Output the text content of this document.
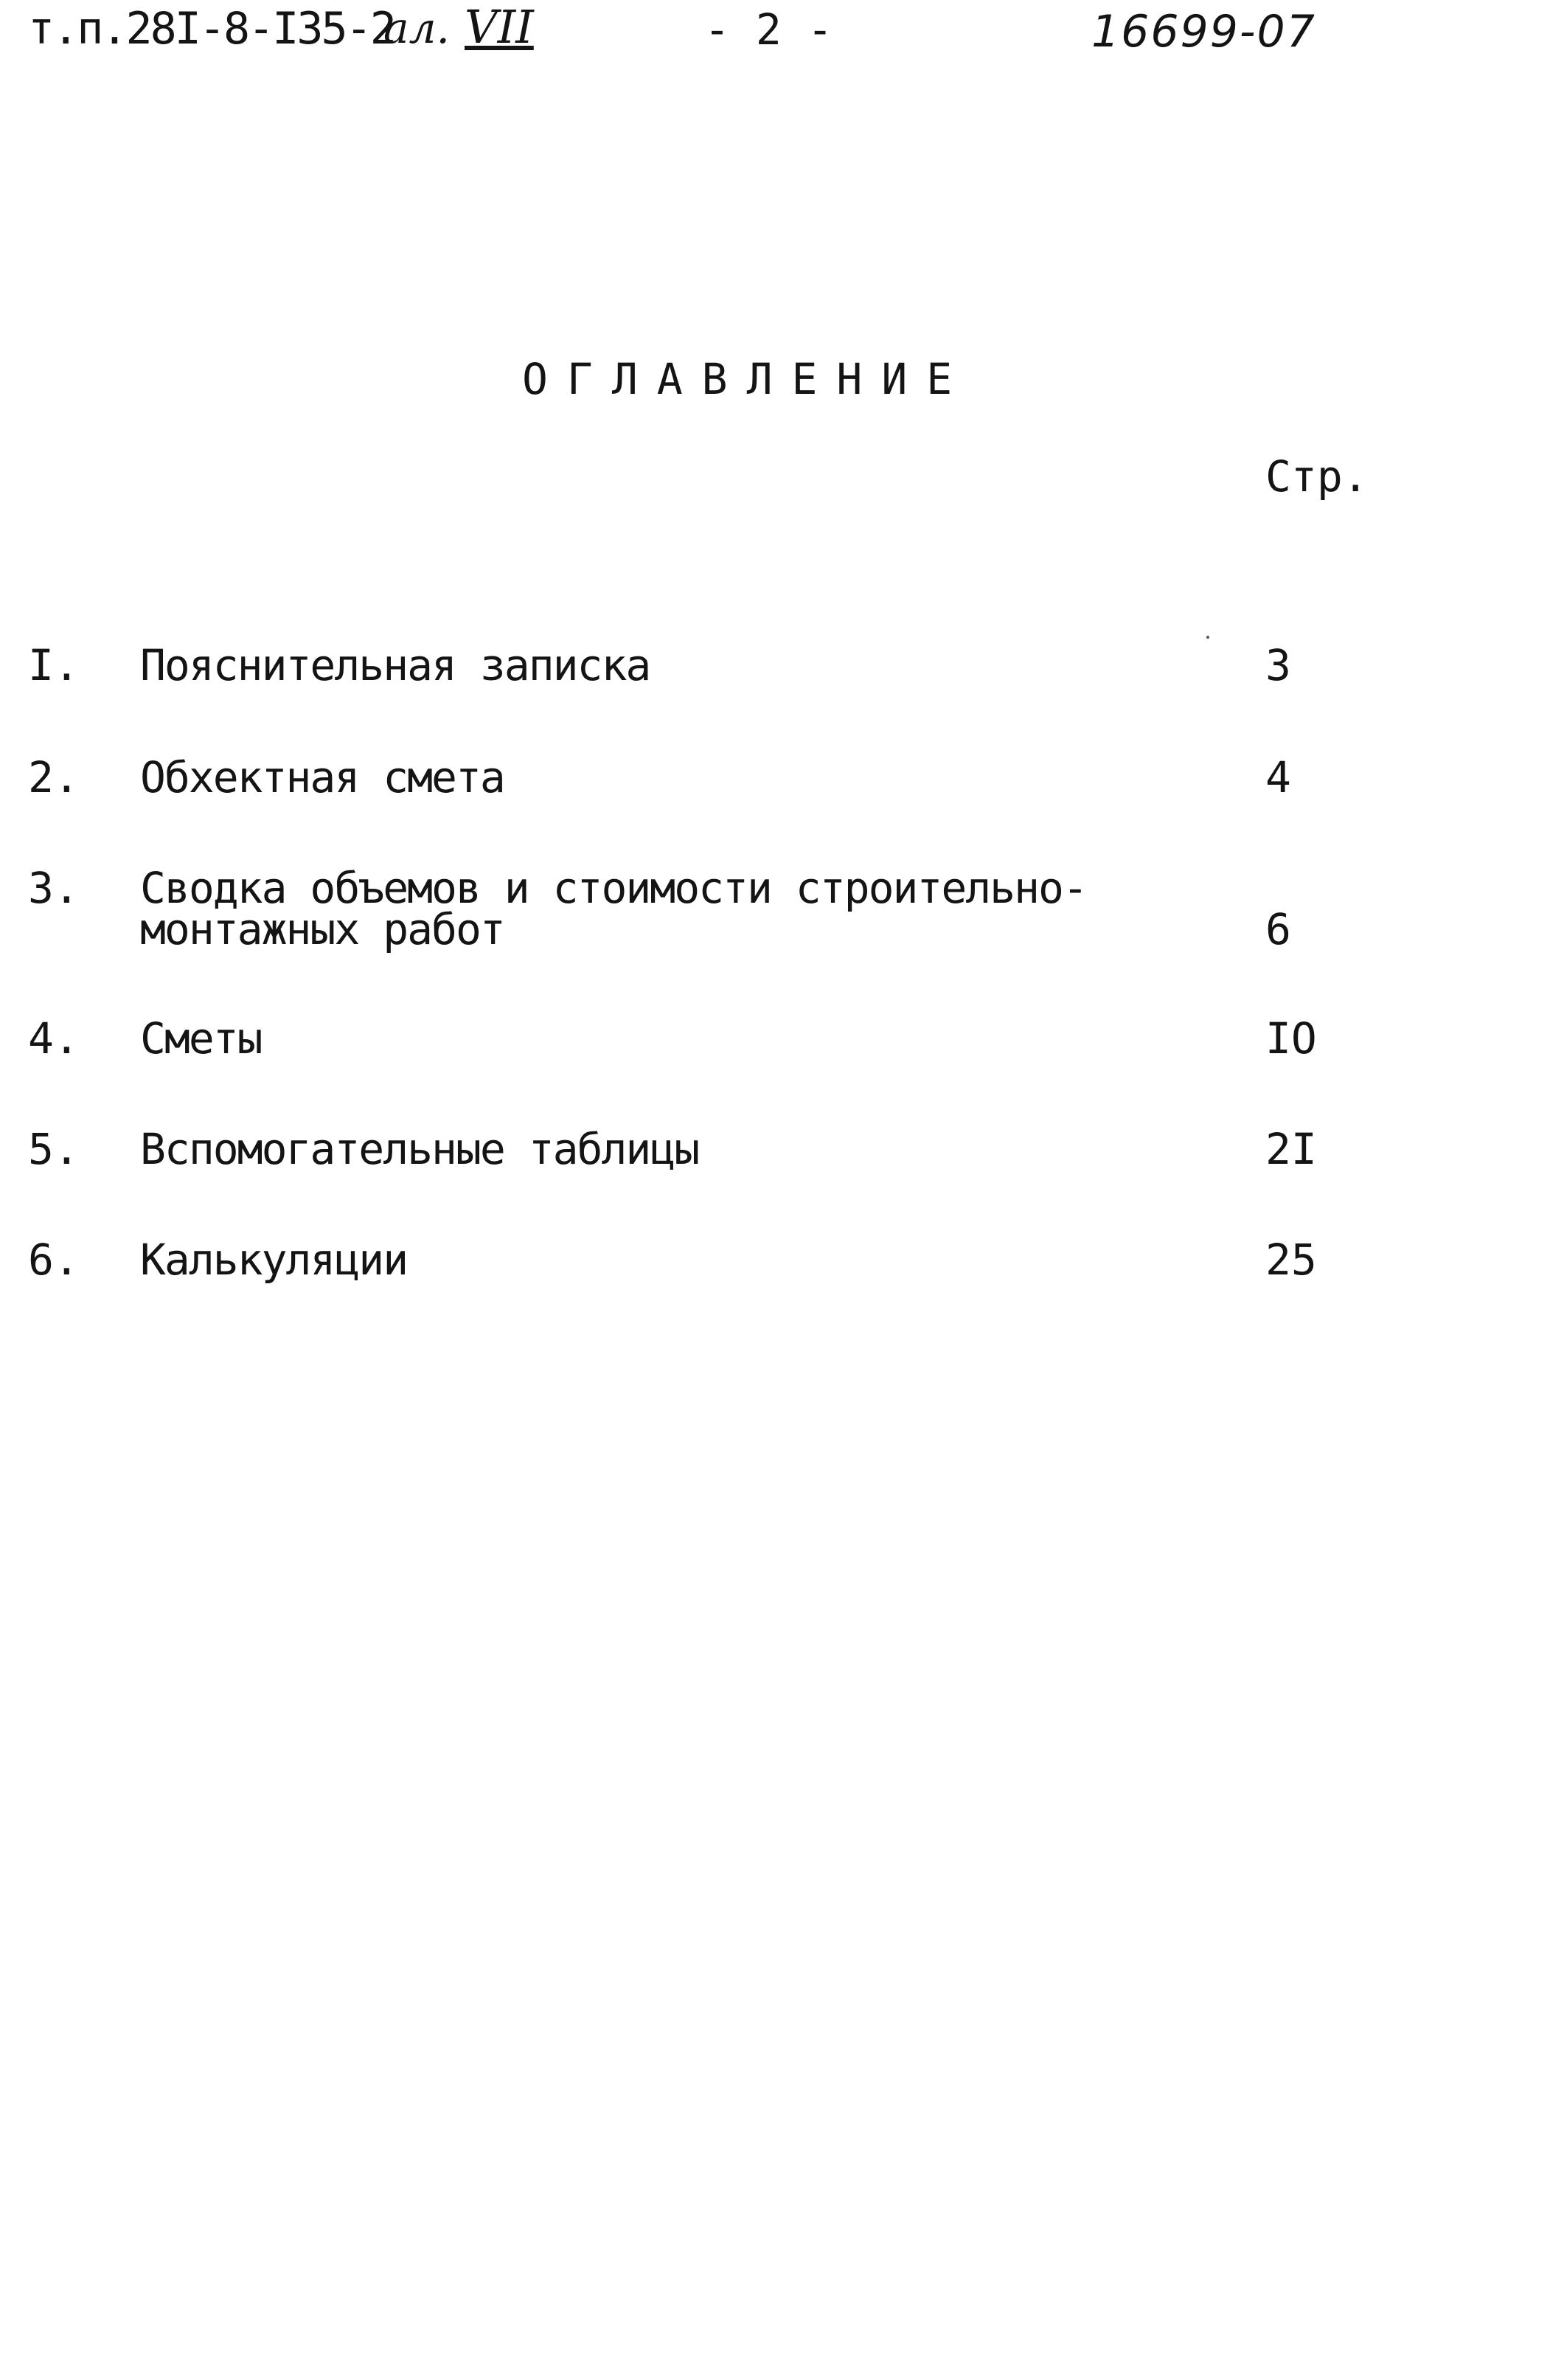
т.п.28I-8-I35-2
ал. VII	- 2 -	16699-07
ОГЛАВЛЕНИЕ
Стр.
I. Пояснительная записка	3
2. Обхектная смета	4
3. Сводка объемов и стоимости строительно-
монтажных работ	6
4. Сметы	IO
5. Вспомогательные таблицы	2I
6. Калькуляции	25
